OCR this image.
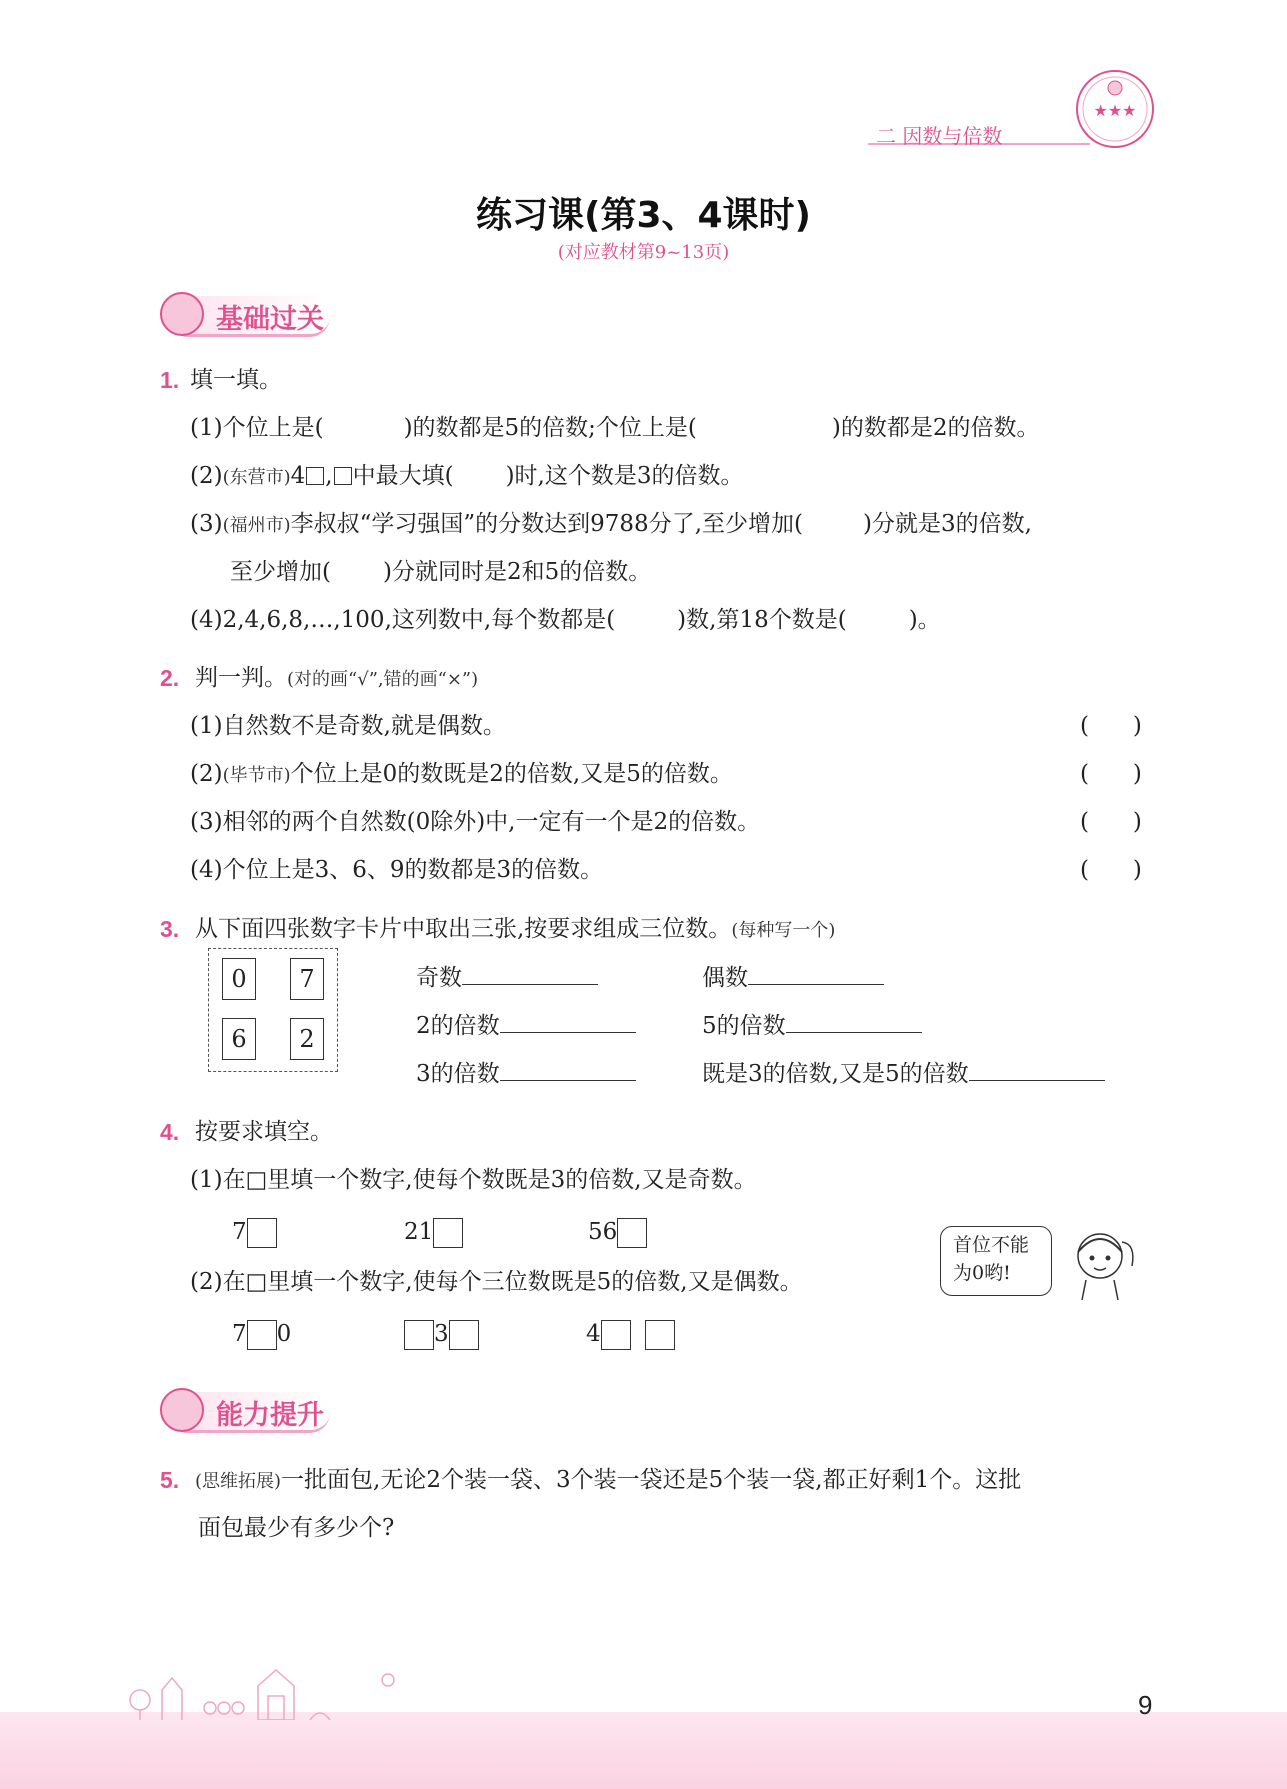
二 因数与倍数
★★★
练习课(第3、4课时)
(对应教材第9~13页)
基础过关
1. 填一填。
(1)个位上是(	)的数都是5的倍数;个位上是(	)的数都是2的倍数。
(2)(东营市)4 , 中最大填( )时,这个数是3的倍数。
(3)(福州市)李叔叔“学习强国”的分数达到9788分了,至少增加(	)分就是3的倍数,
至少增加( )分就同时是2和5的倍数。
(4)2,4,6,8,…,100,这列数中,每个数都是(	)数,第18个数是(	)。
2. 判一判。(对的画“√”,错的画“×”)
(1)自然数不是奇数,就是偶数。	(      )
(2)(毕节市)个位上是0的数既是2的倍数,又是5的倍数。	(      )
(3)相邻的两个自然数(0除外)中,一定有一个是2的倍数。	(      )
(4)个位上是3、6、9的数都是3的倍数。	(      )
3. 从下面四张数字卡片中取出三张,按要求组成三位数。(每种写一个)
0	7
6	2
奇数	偶数
2的倍数	5的倍数
3的倍数	既是3的倍数,又是5的倍数
4. 按要求填空。
(1)在□里填一个数字,使每个数既是3的倍数,又是奇数。
7	21	56
(2)在□里填一个数字,使每个三位数既是5的倍数,又是偶数。
7 0	3	4
首位不能
为0哟!
能力提升
5. (思维拓展)一批面包,无论2个装一袋、3个装一袋还是5个装一袋,都正好剩1个。这批
面包最少有多少个?
9
